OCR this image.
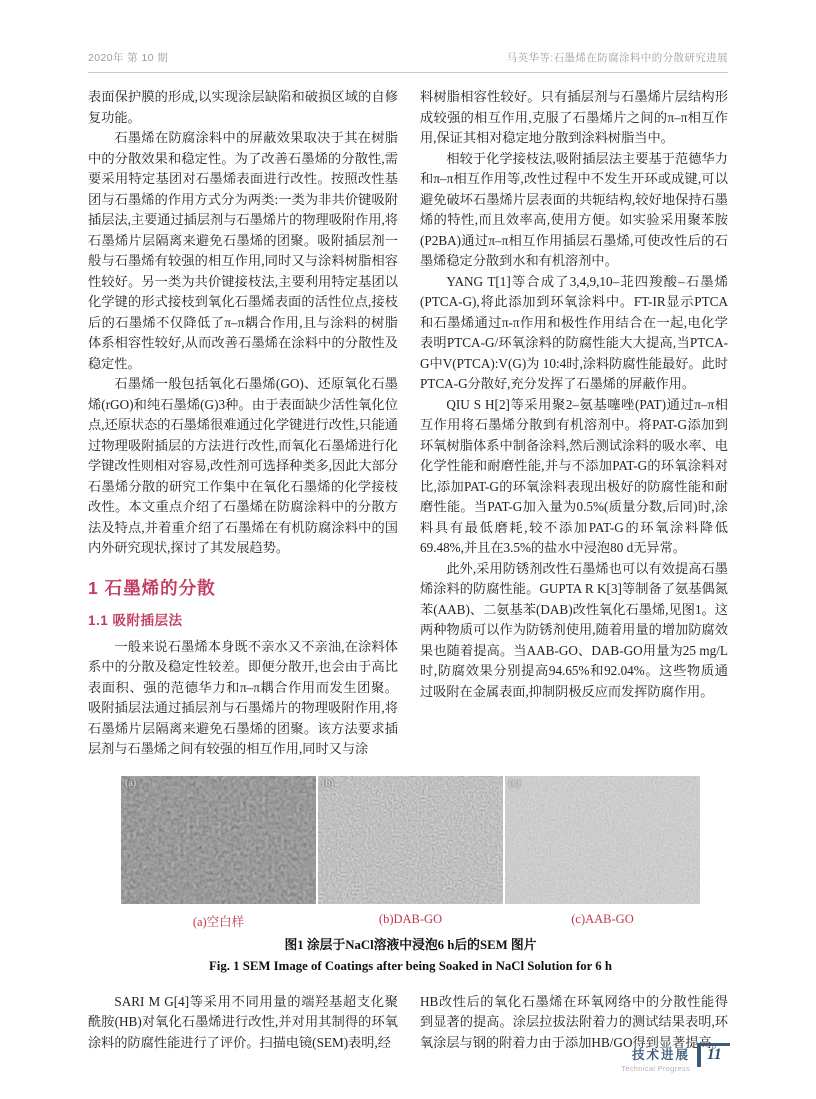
2020年 第 10 期	马英华等:石墨烯在防腐涂料中的分散研究进展

表面保护膜的形成,以实现涂层缺陷和破损区域的自修复功能。

石墨烯在防腐涂料中的屏蔽效果取决于其在树脂中的分散效果和稳定性。为了改善石墨烯的分散性,需要采用特定基团对石墨烯表面进行改性。按照改性基团与石墨烯的作用方式分为两类:一类为非共价键吸附插层法,主要通过插层剂与石墨烯片的物理吸附作用,将石墨烯片层隔离来避免石墨烯的团聚。吸附插层剂一般与石墨烯有较强的相互作用,同时又与涂料树脂相容性较好。另一类为共价键接枝法,主要利用特定基团以化学键的形式接枝到氧化石墨烯表面的活性位点,接枝后的石墨烯不仅降低了π–π耦合作用,且与涂料的树脂体系相容性较好,从而改善石墨烯在涂料中的分散性及稳定性。

石墨烯一般包括氧化石墨烯(GO)、还原氧化石墨烯(rGO)和纯石墨烯(G)3种。由于表面缺少活性氧化位点,还原状态的石墨烯很难通过化学键进行改性,只能通过物理吸附插层的方法进行改性,而氧化石墨烯进行化学键改性则相对容易,改性剂可选择种类多,因此大部分石墨烯分散的研究工作集中在氧化石墨烯的化学接枝改性。本文重点介绍了石墨烯在防腐涂料中的分散方法及特点,并着重介绍了石墨烯在有机防腐涂料中的国内外研究现状,探讨了其发展趋势。

1 石墨烯的分散
1.1 吸附插层法

一般来说石墨烯本身既不亲水又不亲油,在涂料体系中的分散及稳定性较差。即便分散开,也会由于高比表面积、强的范德华力和π–π耦合作用而发生团聚。吸附插层法通过插层剂与石墨烯片的物理吸附作用,将石墨烯片层隔离来避免石墨烯的团聚。该方法要求插层剂与石墨烯之间有较强的相互作用,同时又与涂

料树脂相容性较好。只有插层剂与石墨烯片层结构形成较强的相互作用,克服了石墨烯片之间的π–π相互作用,保证其相对稳定地分散到涂料树脂当中。

相较于化学接枝法,吸附插层法主要基于范德华力和π–π相互作用等,改性过程中不发生开环或成键,可以避免破坏石墨烯片层表面的共轭结构,较好地保持石墨烯的特性,而且效率高,使用方便。如实验采用聚苯胺(P2BA)通过π–π相互作用插层石墨烯,可使改性后的石墨烯稳定分散到水和有机溶剂中。

YANG T[1]等合成了3,4,9,10–苝四羧酸–石墨烯(PTCA-G),将此添加到环氧涂料中。FT-IR显示PTCA和石墨烯通过π-π作用和极性作用结合在一起,电化学表明PTCA-G/环氧涂料的防腐性能大大提高,当PTCA-G中V(PTCA):V(G)为 10:4时,涂料防腐性能最好。此时PTCA-G分散好,充分发挥了石墨烯的屏蔽作用。

QIU S H[2]等采用聚2–氨基噻唑(PAT)通过π–π相互作用将石墨烯分散到有机溶剂中。将PAT-G添加到环氧树脂体系中制备涂料,然后测试涂料的吸水率、电化学性能和耐磨性能,并与不添加PAT-G的环氧涂料对比,添加PAT-G的环氧涂料表现出极好的防腐性能和耐磨性能。当PAT-G加入量为0.5%(质量分数,后同)时,涂料具有最低磨耗,较不添加PAT-G的环氧涂料降低69.48%,并且在3.5%的盐水中浸泡80 d无异常。

此外,采用防锈剂改性石墨烯也可以有效提高石墨烯涂料的防腐性能。GUPTA R K[3]等制备了氨基偶氮苯(AAB)、二氨基苯(DAB)改性氧化石墨烯,见图1。这两种物质可以作为防锈剂使用,随着用量的增加防腐效果也随着提高。当AAB-GO、DAB-GO用量为25 mg/L时,防腐效果分别提高94.65%和92.04%。这些物质通过吸附在金属表面,抑制阴极反应而发挥防腐作用。

(a)	(b)	(c)
(a)空白样	(b)DAB-GO	(c)AAB-GO
图1 涂层于NaCl溶液中浸泡6 h后的SEM 图片
Fig. 1 SEM Image of Coatings after being Soaked in NaCl Solution for 6 h

SARI M G[4]等采用不同用量的端羟基超支化聚酰胺(HB)对氧化石墨烯进行改性,并对用其制得的环氧涂料的防腐性能进行了评价。扫描电镜(SEM)表明,经

HB改性后的氧化石墨烯在环氧网络中的分散性能得到显著的提高。涂层拉拔法附着力的测试结果表明,环氧涂层与钢的附着力由于添加HB/GO得到显著提高。

技术进展
Technical Progress
11
